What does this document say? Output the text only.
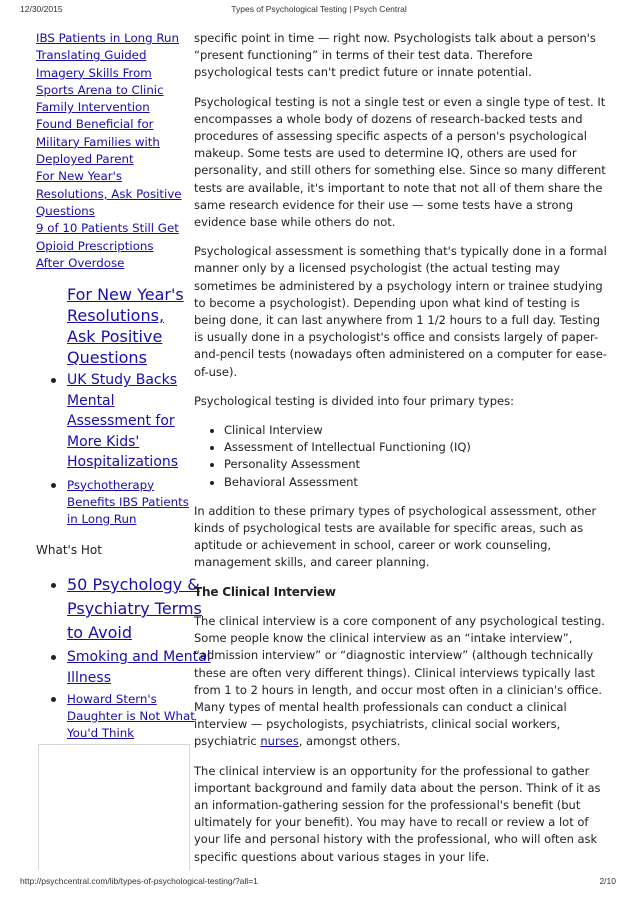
12/30/2015	Types of Psychological Testing | Psych Central
IBS Patients in Long Run
Translating Guided
Imagery Skills From
Sports Arena to Clinic
Family Intervention
Found Beneficial for
Military Families with
Deployed Parent
For New Year's
Resolutions, Ask Positive
Questions
9 of 10 Patients Still Get
Opioid Prescriptions
After Overdose
For New Year's Resolutions, Ask Positive Questions
UK Study Backs Mental Assessment for More Kids' Hospitalizations
Psychotherapy Benefits IBS Patients in Long Run
What's Hot
50 Psychology & Psychiatry Terms to Avoid
Smoking and Mental Illness
Howard Stern's Daughter is Not What You'd Think

specific point in time — right now. Psychologists talk about a person's “present functioning” in terms of their test data. Therefore psychological tests can't predict future or innate potential.

Psychological testing is not a single test or even a single type of test. It encompasses a whole body of dozens of research-backed tests and procedures of assessing specific aspects of a person's psychological makeup. Some tests are used to determine IQ, others are used for personality, and still others for something else. Since so many different tests are available, it's important to note that not all of them share the same research evidence for their use — some tests have a strong evidence base while others do not.

Psychological assessment is something that's typically done in a formal manner only by a licensed psychologist (the actual testing may sometimes be administered by a psychology intern or trainee studying to become a psychologist). Depending upon what kind of testing is being done, it can last anywhere from 1 1/2 hours to a full day. Testing is usually done in a psychologist's office and consists largely of paper-and-pencil tests (nowadays often administered on a computer for ease-of-use).

Psychological testing is divided into four primary types:

Clinical Interview
Assessment of Intellectual Functioning (IQ)
Personality Assessment
Behavioral Assessment

In addition to these primary types of psychological assessment, other kinds of psychological tests are available for specific areas, such as aptitude or achievement in school, career or work counseling, management skills, and career planning.

The Clinical Interview

The clinical interview is a core component of any psychological testing. Some people know the clinical interview as an “intake interview”, “admission interview” or “diagnostic interview” (although technically these are often very different things). Clinical interviews typically last from 1 to 2 hours in length, and occur most often in a clinician's office. Many types of mental health professionals can conduct a clinical interview — psychologists, psychiatrists, clinical social workers, psychiatric nurses, amongst others.

The clinical interview is an opportunity for the professional to gather important background and family data about the person. Think of it as an information-gathering session for the professional's benefit (but ultimately for your benefit). You may have to recall or review a lot of your life and personal history with the professional, who will often ask specific questions about various stages in your life.

http://psychcentral.com/lib/types-of-psychological-testing/?all=1	2/10
